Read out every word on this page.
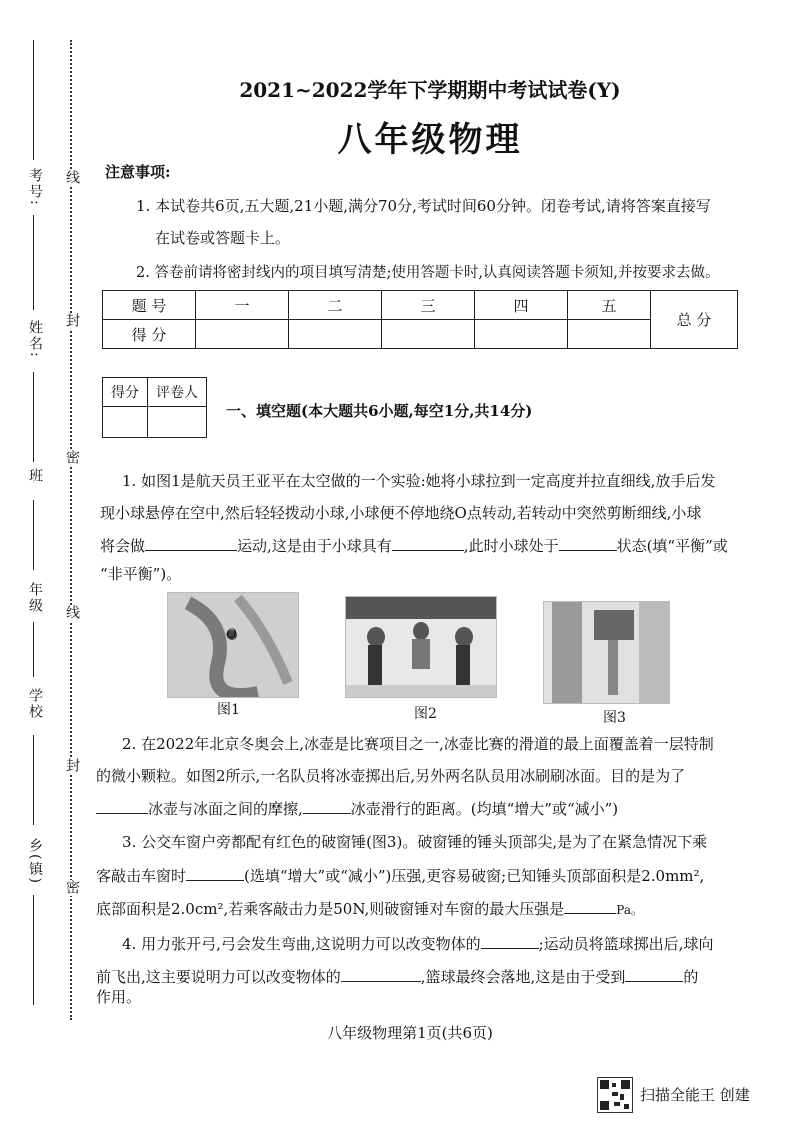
考号:
姓名:
班
年级
学校
乡(镇)
线
封
密
线
封
密
2021~2022学年下学期期中考试试卷(Y)
八年级物理
注意事项:
1. 本试卷共6页,五大题,21小题,满分70分,考试时间60分钟。闭卷考试,请将答案直接写
在试卷或答题卡上。
2. 答卷前请将密封线内的项目填写清楚;使用答题卡时,认真阅读答题卡须知,并按要求去做。
题 号	一	二	三	四	五	总 分
得 分						
得分	评卷人

一、填空题(本大题共6小题,每空1分,共14分)
1. 如图1是航天员王亚平在太空做的一个实验:她将小球拉到一定高度并拉直细线,放手后发
现小球悬停在空中,然后轻轻拨动小球,小球便不停地绕O点转动,若转动中突然剪断细线,小球
将会做	运动,这是由于小球具有	,此时小球处于	状态(填“平衡”或
“非平衡”)。
O
图1	图2	图3
2. 在2022年北京冬奥会上,冰壶是比赛项目之一,冰壶比赛的滑道的最上面覆盖着一层特制
的微小颗粒。如图2所示,一名队员将冰壶掷出后,另外两名队员用冰刷刷冰面。目的是为了
冰壶与冰面之间的摩擦,	冰壶滑行的距离。(均填“增大”或“减小”)
3. 公交车窗户旁都配有红色的破窗锤(图3)。破窗锤的锤头顶部尖,是为了在紧急情况下乘
客敲击车窗时	(选填“增大”或“减小”)压强,更容易破窗;已知锤头顶部面积是2.0mm²,
底部面积是2.0cm²,若乘客敲击力是50N,则破窗锤对车窗的最大压强是	Pa。
4. 用力张开弓,弓会发生弯曲,这说明力可以改变物体的	;运动员将篮球掷出后,球向
前飞出,这主要说明力可以改变物体的	,篮球最终会落地,这是由于受到	的
作用。
八年级物理第1页(共6页)
扫描全能王 创建
